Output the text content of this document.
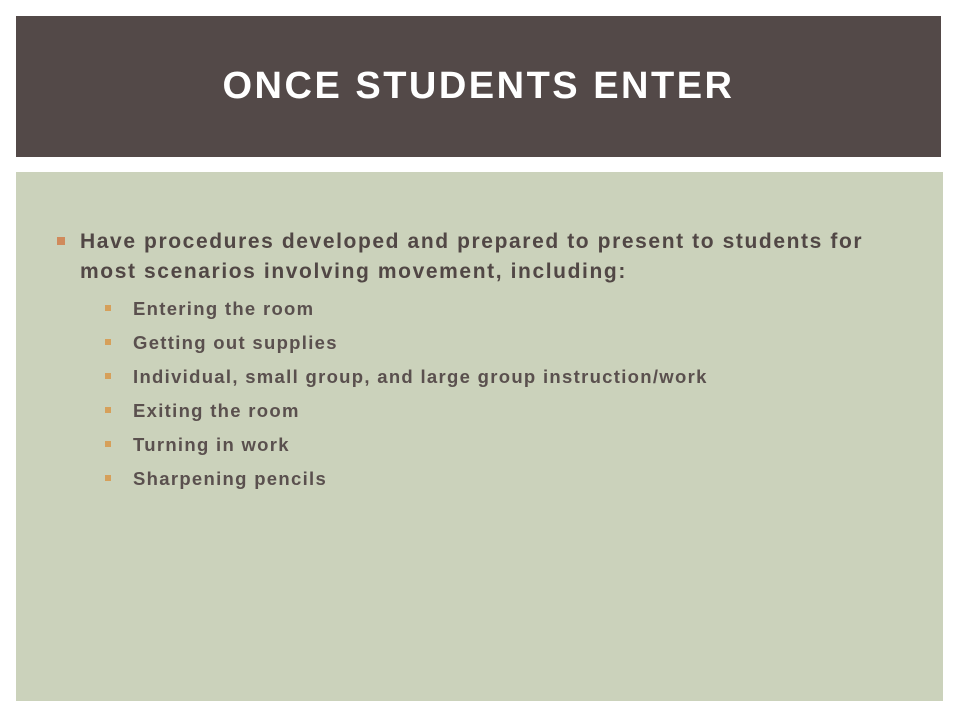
ONCE STUDENTS ENTER
Have procedures developed and prepared to present to students for most scenarios involving movement, including:
Entering the room
Getting out supplies
Individual, small group, and large group instruction/work
Exiting the room
Turning in work
Sharpening pencils
